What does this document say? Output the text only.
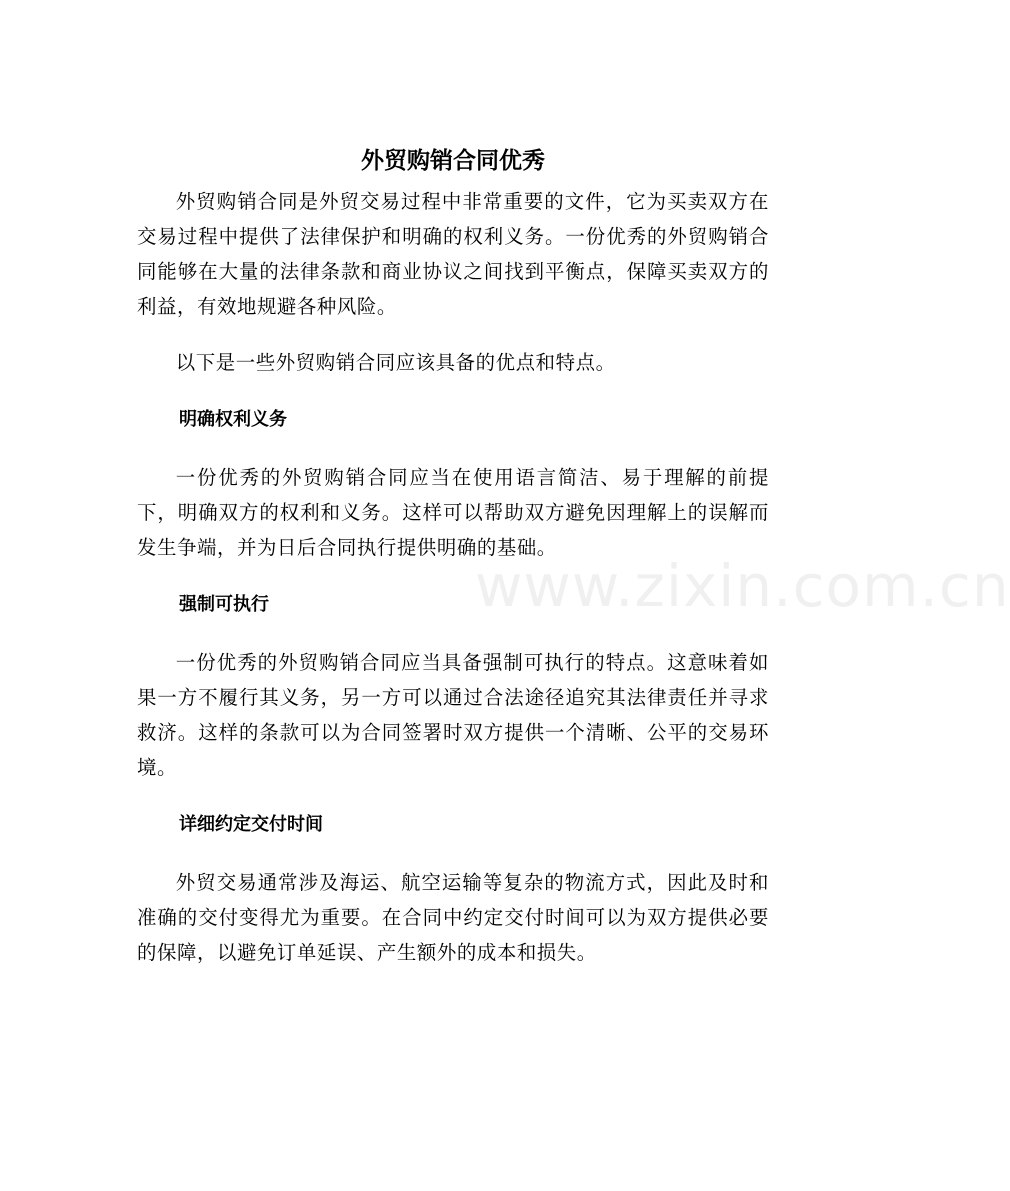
外贸购销合同优秀

外贸购销合同是外贸交易过程中非常重要的文件，它为买卖双方在交易过程中提供了法律保护和明确的权利义务。一份优秀的外贸购销合同能够在大量的法律条款和商业协议之间找到平衡点，保障买卖双方的利益，有效地规避各种风险。

以下是一些外贸购销合同应该具备的优点和特点。

明确权利义务

一份优秀的外贸购销合同应当在使用语言简洁、易于理解的前提下，明确双方的权利和义务。这样可以帮助双方避免因理解上的误解而发生争端，并为日后合同执行提供明确的基础。

强制可执行

一份优秀的外贸购销合同应当具备强制可执行的特点。这意味着如果一方不履行其义务，另一方可以通过合法途径追究其法律责任并寻求救济。这样的条款可以为合同签署时双方提供一个清晰、公平的交易环境。

详细约定交付时间

外贸交易通常涉及海运、航空运输等复杂的物流方式，因此及时和准确的交付变得尤为重要。在合同中约定交付时间可以为双方提供必要的保障，以避免订单延误、产生额外的成本和损失。

www.zixin.com.cn
